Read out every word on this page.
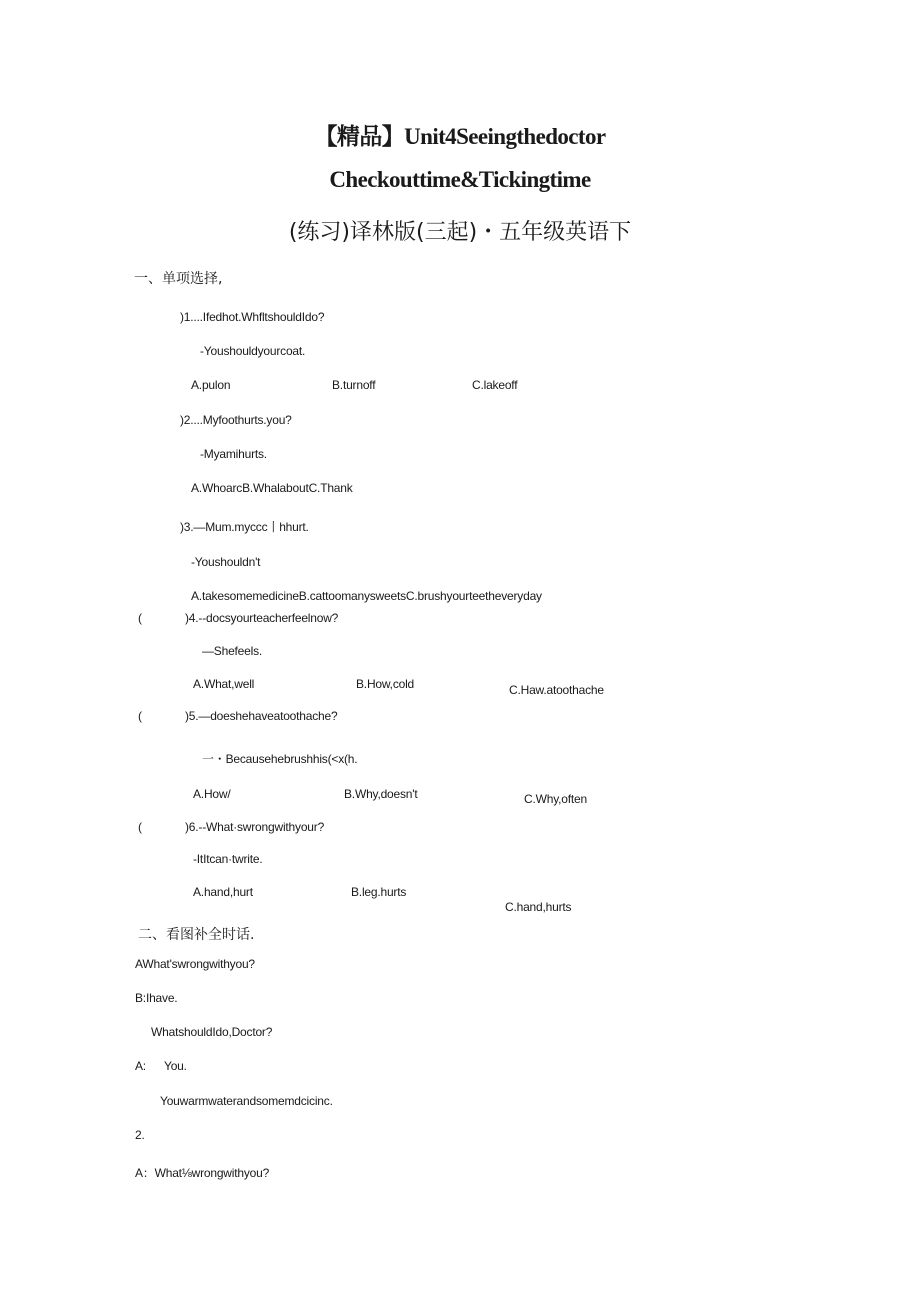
【精品】Unit4Seeingthedoctor
Checkouttime&Tickingtime
(练习)译林版(三起)・五年级英语下
一、单项选择,
)1....Ifedhot.WhfltshouldIdo?
-Youshouldyourcoat.
A.pulon	B.turnoff	C.lakeoff
)2....Myfoothurts.you?
-Myamihurts.
A.WhoarcB.WhalaboutC.Thank
)3.—Mum.myccc丨hhurt.
-Youshouldn't
A.takesomemedicineB.cattoomanysweetsC.brushyourteetheveryday
(	)4.--docsyourteacherfeelnow?
—Shefeels.
A.What,well	B.How,cold	C.Haw.atoothache
(	)5.—doeshehaveatoothache?
一・Becausehebrushhis(<x(h.
A.How/	B.Why,doesn't	C.Why,often
(	)6.--What·swrongwithyour?
-ItItcan·twrite.
A.hand,hurt	B.leg.hurts
C.hand,hurts
二、看图补全时话.
AWhat'swrongwithyou?
B:Ihave.
WhatshouldIdo,Doctor?
A: You.
Youwarmwaterandsomemdcicinc.
2.
A：What⅛wrongwithyou?
